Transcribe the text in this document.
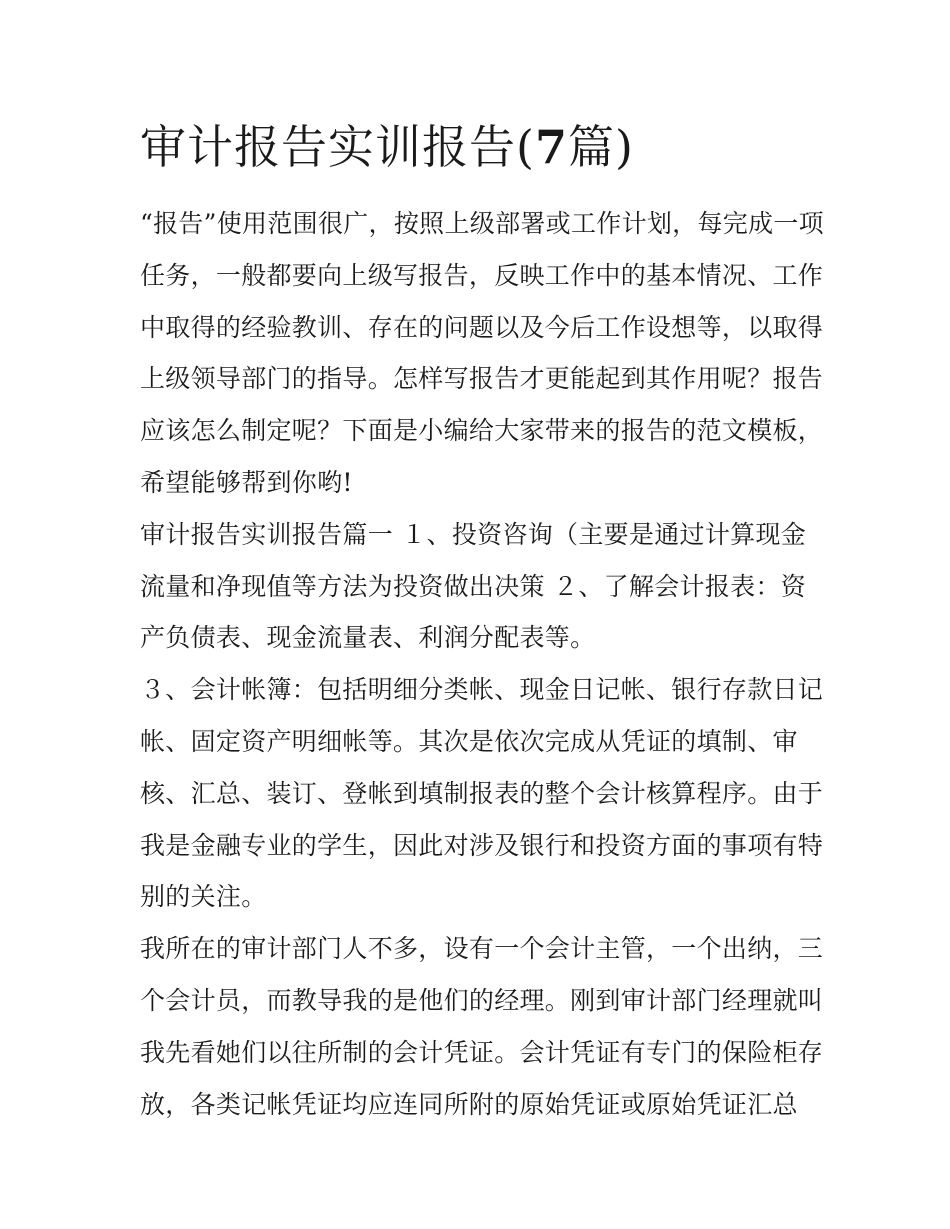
审计报告实训报告(7篇)
“报告”使用范围很广，按照上级部署或工作计划，每完成一项
任务，一般都要向上级写报告，反映工作中的基本情况、工作
中取得的经验教训、存在的问题以及今后工作设想等，以取得
上级领导部门的指导。怎样写报告才更能起到其作用呢？报告
应该怎么制定呢？下面是小编给大家带来的报告的范文模板，
希望能够帮到你哟!
审计报告实训报告篇一 １、投资咨询（主要是通过计算现金
流量和净现值等方法为投资做出决策 ２、了解会计报表：资
产负债表、现金流量表、利润分配表等。
３、会计帐簿：包括明细分类帐、现金日记帐、银行存款日记
帐、固定资产明细帐等。其次是依次完成从凭证的填制、审
核、汇总、装订、登帐到填制报表的整个会计核算程序。由于
我是金融专业的学生，因此对涉及银行和投资方面的事项有特
别的关注。
我所在的审计部门人不多，设有一个会计主管，一个出纳，三
个会计员，而教导我的是他们的经理。刚到审计部门经理就叫
我先看她们以往所制的会计凭证。会计凭证有专门的保险柜存
放，各类记帐凭证均应连同所附的原始凭证或原始凭证汇总
